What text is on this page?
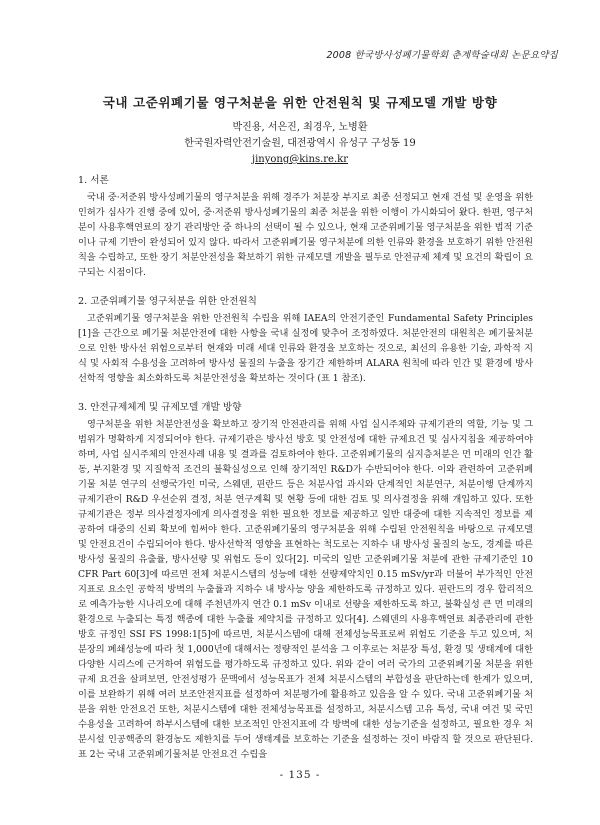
2008 한국방사성폐기물학회 춘계학술대회 논문요약집
국내 고준위폐기물 영구처분을 위한 안전원칙 및 규제모델 개발 방향
박진용, 서은진, 최경우, 노병환
한국원자력안전기술원, 대전광역시 유성구 구성동 19
jinyong@kins.re.kr
1. 서론

국내 중·저준위 방사성폐기물의 영구처분을 위해 경주가 처분장 부지로 최종 선정되고 현재 건설 및 운영을 위한 인허가 심사가 진행 중에 있어, 중·저준위 방사성폐기물의 최종 처분을 위한 이행이 가시화되어 왔다. 한편, 영구처분이 사용후핵연료의 장기 관리방안 중 하나의 선택이 될 수 있으나, 현재 고준위폐기물 영구처분을 위한 법적 기준이나 규제 기반이 완성되어 있지 않다. 따라서 고준위폐기물 영구처분에 의한 인류와 환경을 보호하기 위한 안전원칙을 수립하고, 또한 장기 처분안전성을 확보하기 위한 규제모델 개발을 필두로 안전규제 체계 및 요건의 확립이 요구되는 시점이다.

2. 고준위폐기물 영구처분을 위한 안전원칙

고준위폐기물 영구처분을 위한 안전원칙 수립을 위해 IAEA의 안전기준인 Fundamental Safety Principles [1]을 근간으로 폐기물 처분안전에 대한 사항을 국내 실정에 맞추어 조정하였다. 처분안전의 대원칙은 폐기물처분으로 인한 방사선 위험으로부터 현재와 미래 세대 인류와 환경을 보호하는 것으로, 최선의 유용한 기술, 과학적 지식 및 사회적 수용성을 고려하여 방사성 물질의 누출을 장기간 제한하며 ALARA 원칙에 따라 인간 및 환경에 방사선학적 영향을 최소화하도록 처분안전성을 확보하는 것이다 (표 1 참조).

3. 안전규제체계 및 규제모델 개발 방향

영구처분을 위한 처분안전성을 확보하고 장기적 안전관리를 위해 사업 실시주체와 규제기관의 역할, 기능 및 그 범위가 명확하게 지정되어야 한다. 규제기관은 방사선 방호 및 안전성에 대한 규제요건 및 심사지침을 제공하여야 하며, 사업 실시주체의 안전사례 내용 및 결과를 검토하여야 한다. 고준위폐기물의 심지층처분은 먼 미래의 인간 활동, 부지환경 및 지질학적 조건의 불확실성으로 인해 장기적인 R&D가 수반되어야 한다. 이와 관련하여 고준위폐기물 처분 연구의 선행국가인 미국, 스웨덴, 핀란드 등은 처분사업 과시와 단계적인 처분연구, 처분이행 단계까지 규제기관이 R&D 우선순위 결정, 처분 연구계획 및 현황 등에 대한 검토 및 의사결정을 위해 개입하고 있다. 또한 규제기관은 정부 의사결정자에게 의사결정을 위한 필요한 정보를 제공하고 일반 대중에 대한 지속적인 정보를 제공하여 대중의 신뢰 확보에 힘써야 한다. 고준위폐기물의 영구처분을 위해 수립된 안전원칙을 바탕으로 규제모델 및 안전요건이 수립되어야 한다. 방사선학적 영향을 표현하는 척도로는 지하수 내 방사성 물질의 농도, 경계를 따른 방사성 물질의 유출률, 방사선량 및 위험도 등이 있다[2]. 미국의 일반 고준위폐기물 처분에 관한 규제기준인 10 CFR Part 60[3]에 따르면 전체 처분시스템의 성능에 대한 선량제약치인 0.15 mSv/yr과 더불어 부가적인 안전지표로 요소인 공학적 방벽의 누출률과 지하수 내 방사능 양을 제한하도록 규정하고 있다. 핀란드의 경우 합리적으로 예측가능한 시나리오에 대해 주천년까지 연간 0.1 mSv 이내로 선량을 제한하도록 하고, 불확실성 큰 먼 미래의 환경으로 누출되는 특정 핵종에 대한 누출률 제약치를 규정하고 있다[4]. 스웨덴의 사용후핵연료 최종관리에 관한 방호 규정인 SSI FS 1998:1[5]에 따르면, 처분시스템에 대해 전체성능목표로써 위험도 기준을 두고 있으며, 처분장의 폐쇄성능에 따라 첫 1,000년에 대해서는 정량적인 분석을 그 이후로는 처분장 특성, 환경 및 생태계에 대한 다양한 시리스에 근거하여 위험도를 평가하도록 규정하고 있다. 위와 같이 여러 국가의 고준위폐기물 처분을 위한 규제 요건을 살펴보면, 안전성평가 문맥에서 성능목표가 전체 처분시스템의 부합성을 판단하는데 한계가 있으며, 이를 보완하기 위해 여러 보조안전지표를 설정하여 처분평가에 활용하고 있음을 알 수 있다. 국내 고준위폐기물 처분을 위한 안전요건 또한, 처분시스템에 대한 전체성능목표를 설정하고, 처분시스템 고유 특성, 국내 여건 및 국민 수용성을 고려하여 하부시스템에 대한 보조적인 안전지표에 각 방벽에 대한 성능기준을 설정하고, 필요한 경우 처분시설 인공핵종의 환경농도 제한치를 두어 생태계를 보호하는 기준을 설정하는 것이 바람직 할 것으로 판단된다. 표 2는 국내 고준위폐기물처분 안전요건 수립을

- 135 -
